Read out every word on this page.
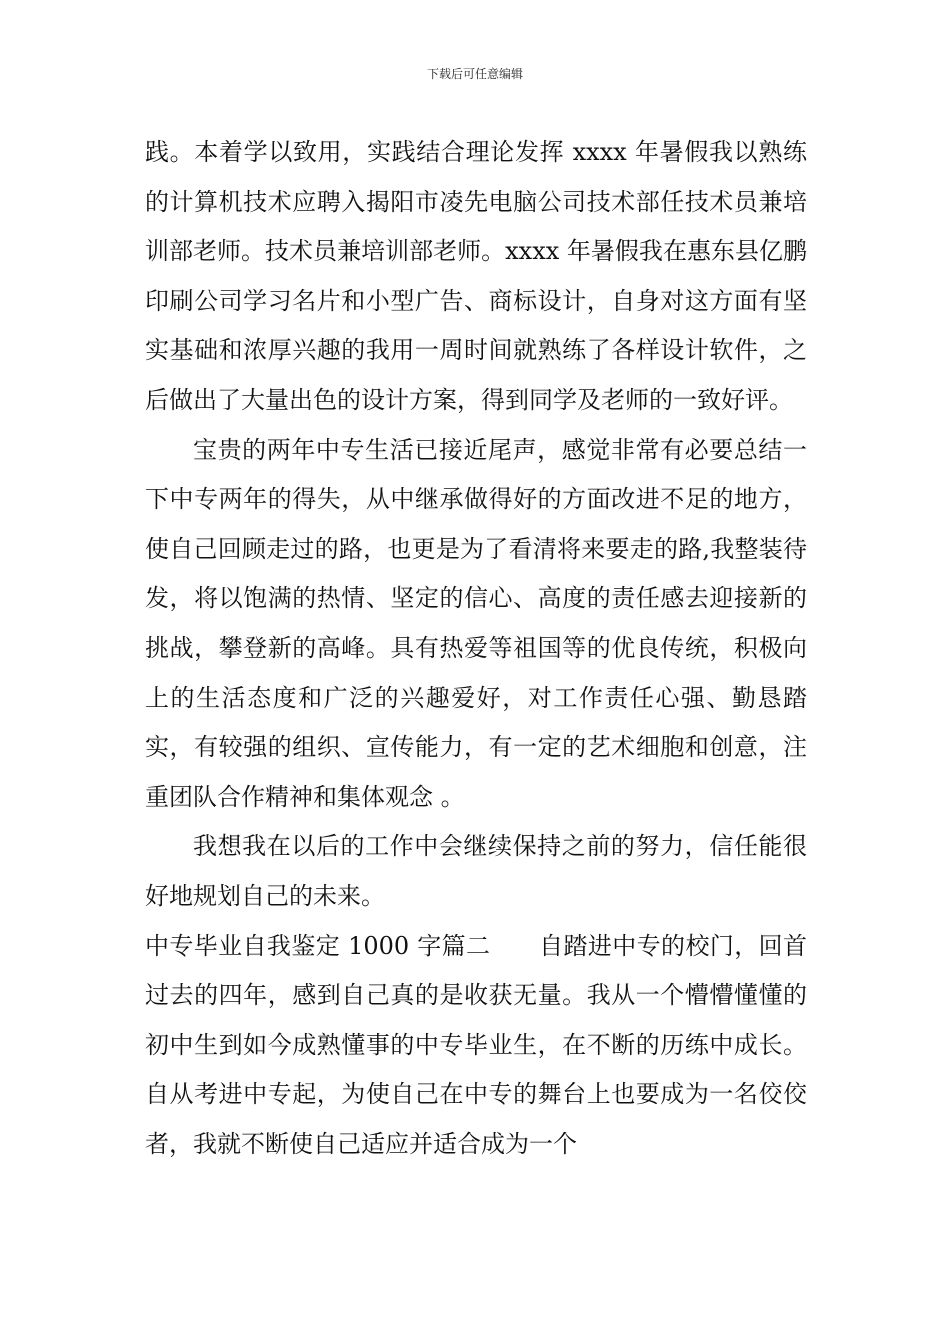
下载后可任意编辑

践。本着学以致用，实践结合理论发挥 xxxx 年暑假我以熟练的计算机技术应聘入揭阳市凌先电脑公司技术部任技术员兼培训部老师。技术员兼培训部老师。xxxx 年暑假我在惠东县亿鹏印刷公司学习名片和小型广告、商标设计，自身对这方面有坚实基础和浓厚兴趣的我用一周时间就熟练了各样设计软件，之后做出了大量出色的设计方案，得到同学及老师的一致好评。

宝贵的两年中专生活已接近尾声，感觉非常有必要总结一下中专两年的得失，从中继承做得好的方面改进不足的地方，使自己回顾走过的路，也更是为了看清将来要走的路,我整装待发，将以饱满的热情、坚定的信心、高度的责任感去迎接新的挑战，攀登新的高峰。具有热爱等祖国等的优良传统，积极向上的生活态度和广泛的兴趣爱好，对工作责任心强、勤恳踏实，有较强的组织、宣传能力，有一定的艺术细胞和创意，注重团队合作精神和集体观念 。

我想我在以后的工作中会继续保持之前的努力，信任能很好地规划自己的未来。

中专毕业自我鉴定 1000 字篇二　　自踏进中专的校门，回首过去的四年，感到自己真的是收获无量。我从一个懵懵懂懂的初中生到如今成熟懂事的中专毕业生，在不断的历练中成长。自从考进中专起，为使自己在中专的舞台上也要成为一名佼佼者，我就不断使自己适应并适合成为一个
